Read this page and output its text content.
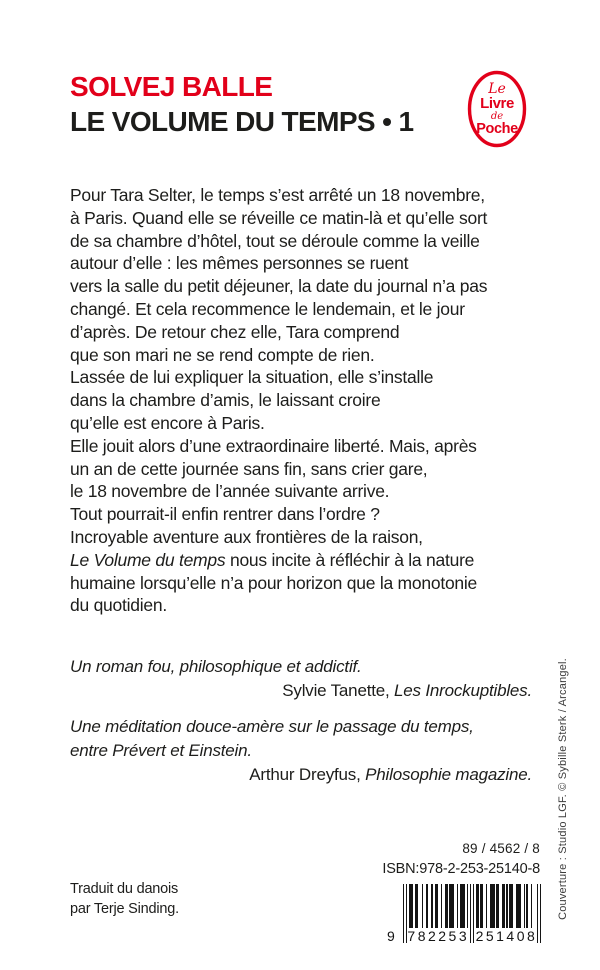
SOLVEJ BALLE
LE VOLUME DU TEMPS • 1
Le
Livre
de
Poche
Pour Tara Selter, le temps s’est arrêté un 18 novembre,
à Paris. Quand elle se réveille ce matin-là et qu’elle sort
de sa chambre d’hôtel, tout se déroule comme la veille
autour d’elle : les mêmes personnes se ruent
vers la salle du petit déjeuner, la date du journal n’a pas
changé. Et cela recommence le lendemain, et le jour
d’après. De retour chez elle, Tara comprend
que son mari ne se rend compte de rien.
Lassée de lui expliquer la situation, elle s’installe
dans la chambre d’amis, le laissant croire
qu’elle est encore à Paris.
Elle jouit alors d’une extraordinaire liberté. Mais, après
un an de cette journée sans fin, sans crier gare,
le 18 novembre de l’année suivante arrive.
Tout pourrait-il enfin rentrer dans l’ordre ?
Incroyable aventure aux frontières de la raison,
Le Volume du temps nous incite à réfléchir à la nature
humaine lorsqu’elle n’a pour horizon que la monotonie
du quotidien.
Un roman fou, philosophique et addictif.
Sylvie Tanette, Les Inrockuptibles.
Une méditation douce-amère sur le passage du temps,
entre Prévert et Einstein.
Arthur Dreyfus, Philosophie magazine.
Traduit du danois
par Terje Sinding.
89 / 4562 / 8
ISBN:978-2-253-25140-8
9 782253 251408
Couverture : Studio LGF. © Sybille Sterk / Arcangel.
